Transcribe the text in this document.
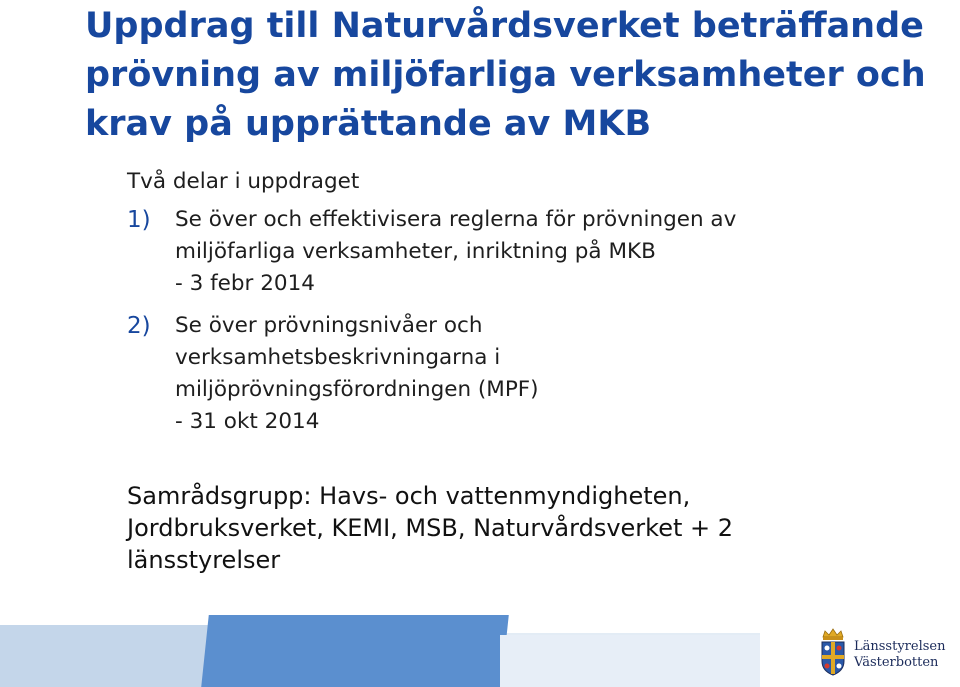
Uppdrag till Naturvårdsverket beträffande
prövning av miljöfarliga verksamheter och
krav på upprättande av MKB
Två delar i uppdraget
1) Se över och effektivisera reglerna för prövningen av
miljöfarliga verksamheter, inriktning på MKB
- 3 febr 2014
2) Se över prövningsnivåer och
verksamhetsbeskrivningarna i
miljöprövningsförordningen (MPF)
- 31 okt 2014
Samrådsgrupp: Havs- och vattenmyndigheten,
Jordbruksverket, KEMI, MSB, Naturvårdsverket + 2
länsstyrelser
Länsstyrelsen
Västerbotten
